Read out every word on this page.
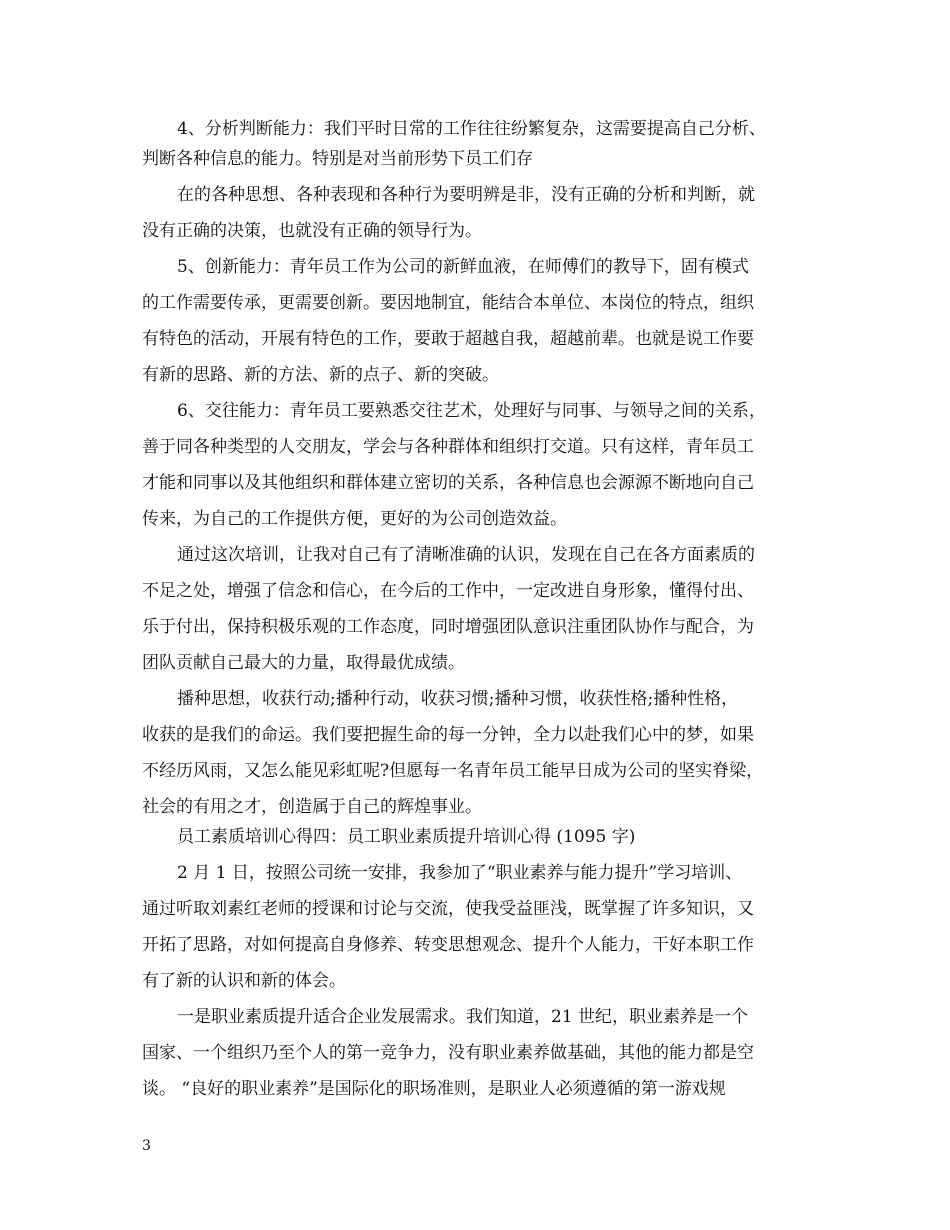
4、分析判断能力：我们平时日常的工作往往纷繁复杂，这需要提高自己分析、
判断各种信息的能力。特别是对当前形势下员工们存
在的各种思想、各种表现和各种行为要明辨是非，没有正确的分析和判断，就
没有正确的决策，也就没有正确的领导行为。
5、创新能力：青年员工作为公司的新鲜血液，在师傅们的教导下，固有模式
的工作需要传承，更需要创新。要因地制宜，能结合本单位、本岗位的特点，组织
有特色的活动，开展有特色的工作，要敢于超越自我，超越前辈。也就是说工作要
有新的思路、新的方法、新的点子、新的突破。
6、交往能力：青年员工要熟悉交往艺术，处理好与同事、与领导之间的关系，
善于同各种类型的人交朋友，学会与各种群体和组织打交道。只有这样，青年员工
才能和同事以及其他组织和群体建立密切的关系，各种信息也会源源不断地向自己
传来，为自己的工作提供方便，更好的为公司创造效益。
通过这次培训，让我对自己有了清晰准确的认识，发现在自己在各方面素质的
不足之处，增强了信念和信心，在今后的工作中，一定改进自身形象，懂得付出、
乐于付出，保持积极乐观的工作态度，同时增强团队意识注重团队协作与配合，为
团队贡献自己最大的力量，取得最优成绩。
播种思想，收获行动;播种行动，收获习惯;播种习惯，收获性格;播种性格，
收获的是我们的命运。我们要把握生命的每一分钟，全力以赴我们心中的梦，如果
不经历风雨，又怎么能见彩虹呢?但愿每一名青年员工能早日成为公司的坚实脊梁，
社会的有用之才，创造属于自己的辉煌事业。
员工素质培训心得四：员工职业素质提升培训心得 (1095 字)
2 月 1 日，按照公司统一安排，我参加了“职业素养与能力提升”学习培训、
通过听取刘素红老师的授课和讨论与交流，使我受益匪浅，既掌握了许多知识，又
开拓了思路，对如何提高自身修养、转变思想观念、提升个人能力，干好本职工作
有了新的认识和新的体会。
一是职业素质提升适合企业发展需求。我们知道，21 世纪，职业素养是一个
国家、一个组织乃至个人的第一竞争力，没有职业素养做基础，其他的能力都是空
谈。 “良好的职业素养”是国际化的职场准则，是职业人必须遵循的第一游戏规
3
